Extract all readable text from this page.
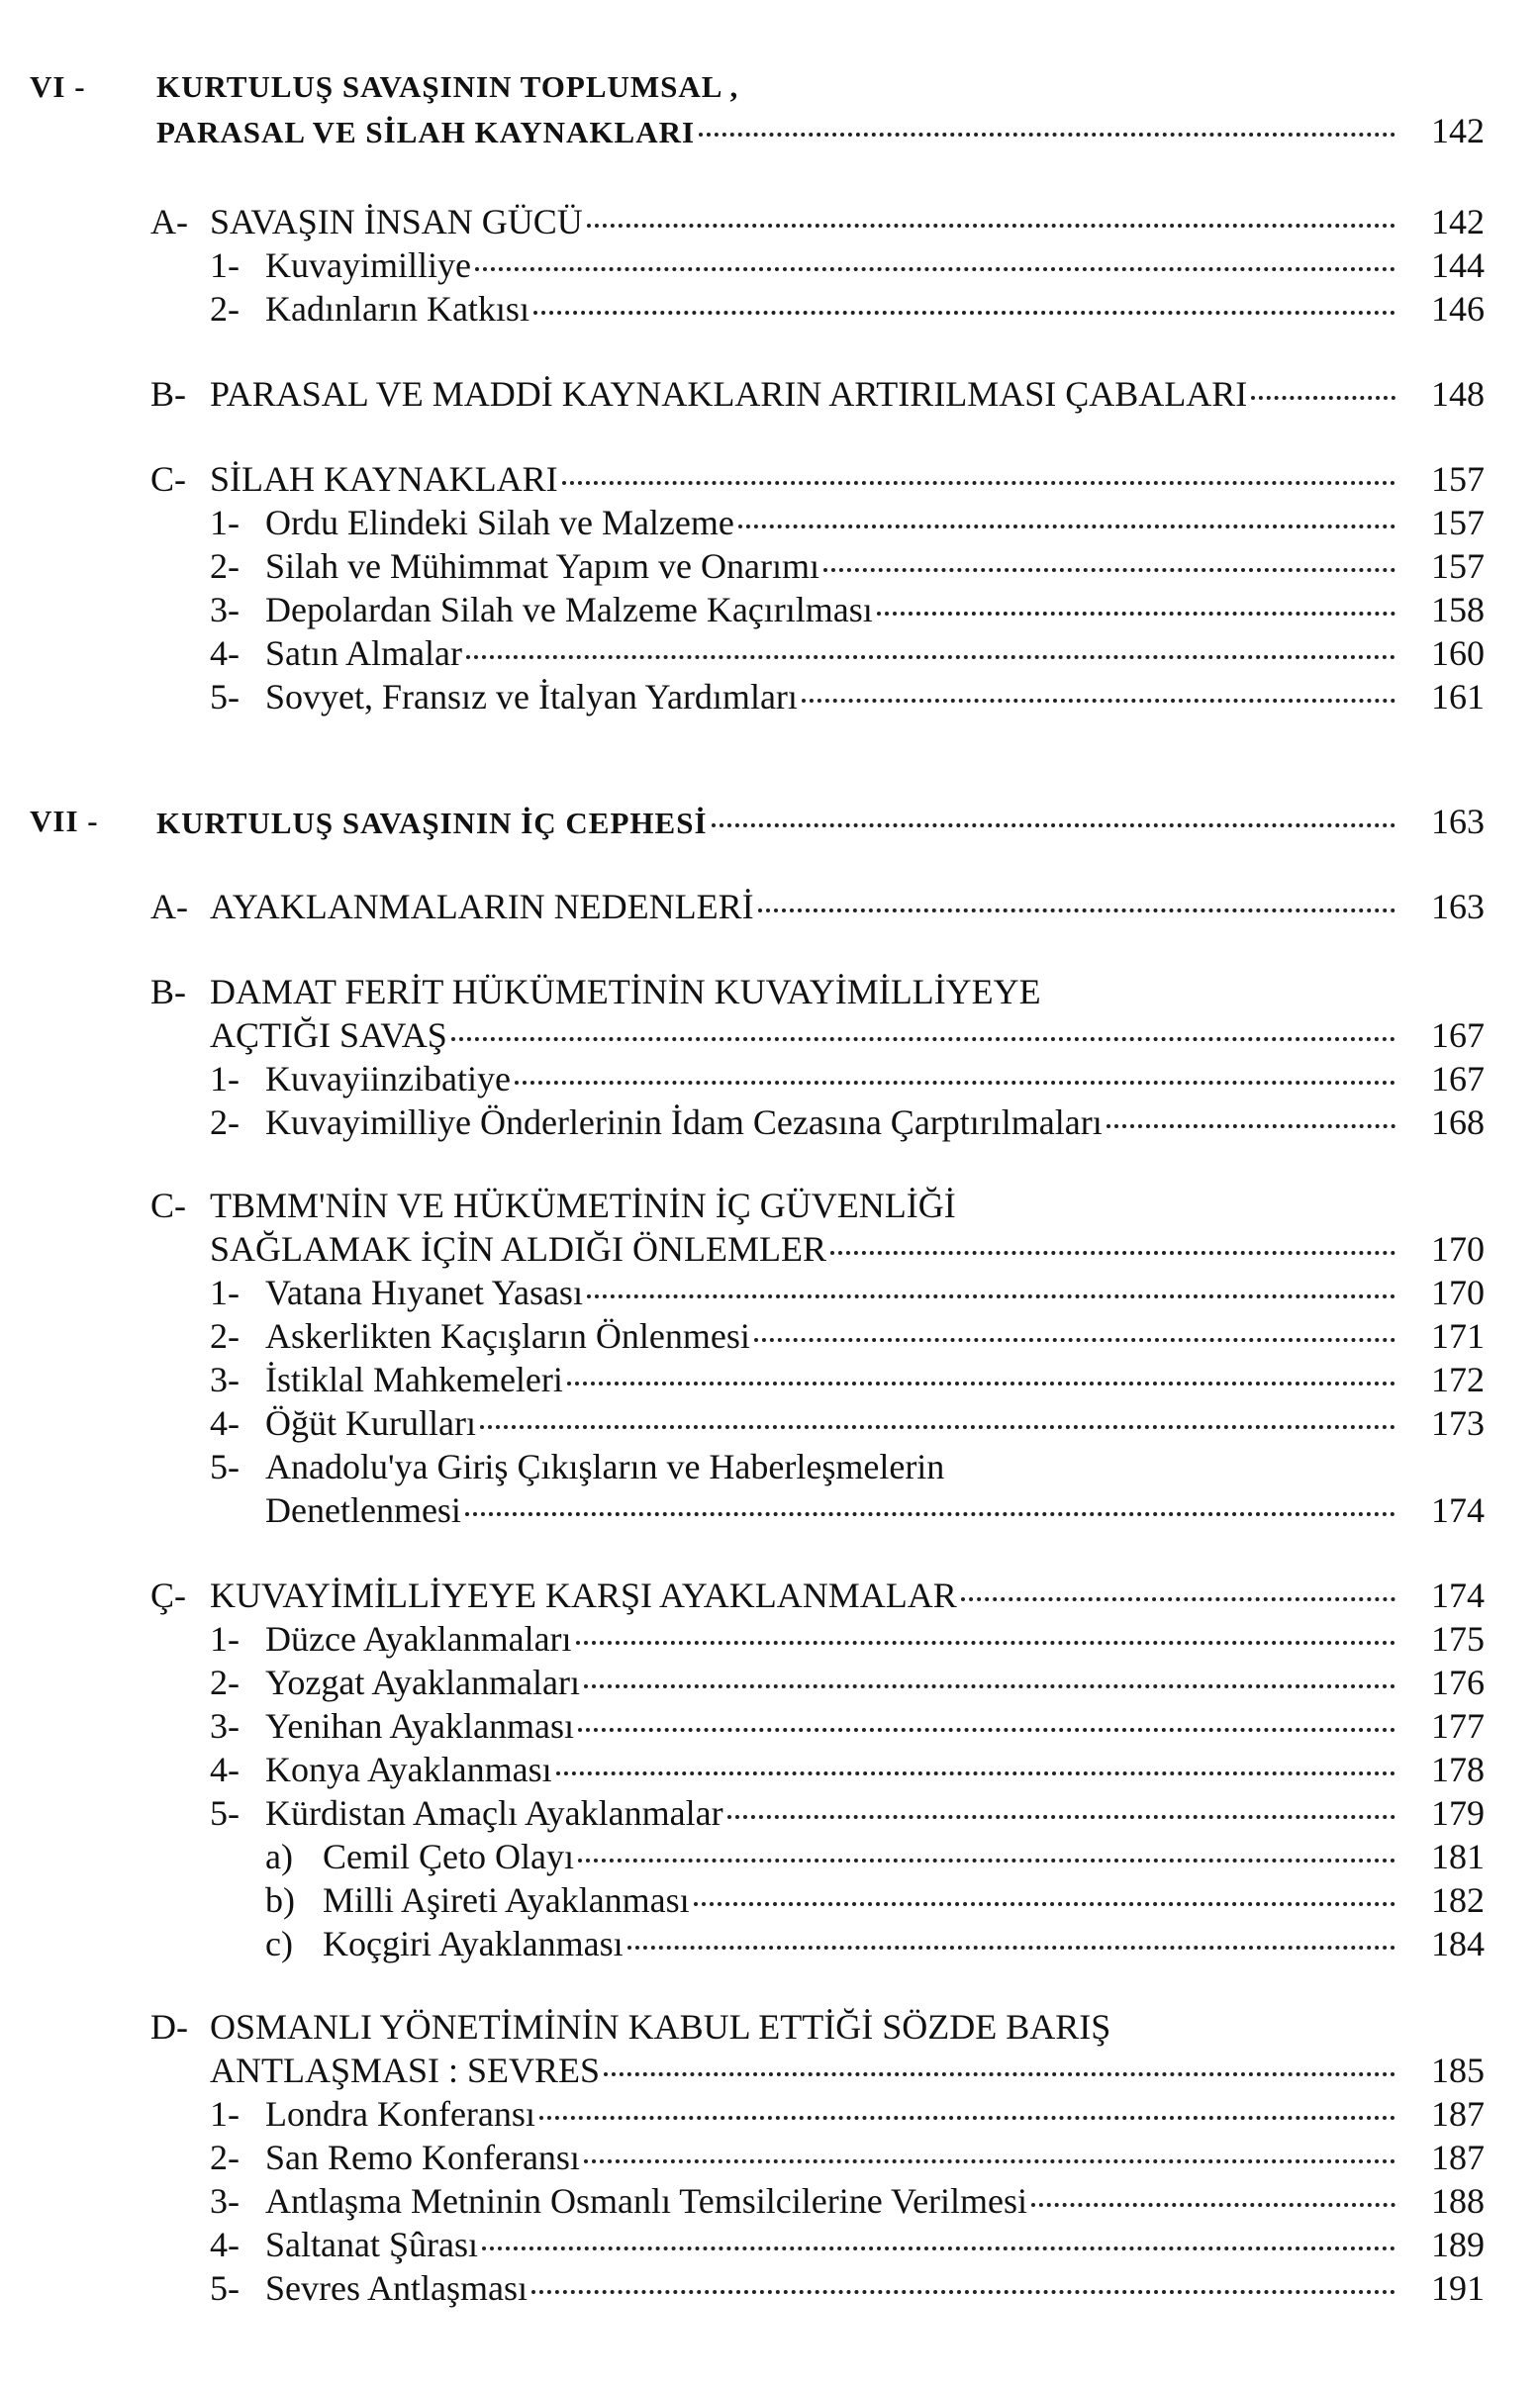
VI - KURTULUŞ SAVAŞININ TOPLUMSAL ,
PARASAL VE SİLAH KAYNAKLARI	142
A- SAVAŞIN İNSAN GÜCÜ	142
1- Kuvayimilliye	144
2- Kadınların Katkısı	146
B- PARASAL VE MADDİ KAYNAKLARIN ARTIRILMASI ÇABALARI	148
C- SİLAH KAYNAKLARI	157
1- Ordu Elindeki Silah ve Malzeme	157
2- Silah ve Mühimmat Yapım ve Onarımı	157
3- Depolardan Silah ve Malzeme Kaçırılması	158
4- Satın Almalar	160
5- Sovyet, Fransız ve İtalyan Yardımları	161
VII - KURTULUŞ SAVAŞININ İÇ CEPHESİ	163
A- AYAKLANMALARIN NEDENLERİ	163
B- DAMAT FERİT HÜKÜMETİNİN KUVAYİMİLLİYEYE
AÇTIĞI SAVAŞ	167
1- Kuvayiinzibatiye	167
2- Kuvayimilliye Önderlerinin İdam Cezasına Çarptırılmaları	168
C- TBMM'NİN VE HÜKÜMETİNİN İÇ GÜVENLİĞİ
SAĞLAMAK İÇİN ALDIĞI ÖNLEMLER	170
1- Vatana Hıyanet Yasası	170
2- Askerlikten Kaçışların Önlenmesi	171
3- İstiklal Mahkemeleri	172
4- Öğüt Kurulları	173
5- Anadolu'ya Giriş Çıkışların ve Haberleşmelerin
Denetlenmesi	174
Ç- KUVAYİMİLLİYEYE KARŞI AYAKLANMALAR	174
1- Düzce Ayaklanmaları	175
2- Yozgat Ayaklanmaları	176
3- Yenihan Ayaklanması	177
4- Konya Ayaklanması	178
5- Kürdistan Amaçlı Ayaklanmalar	179
a) Cemil Çeto Olayı	181
b) Milli Aşireti Ayaklanması	182
c) Koçgiri Ayaklanması	184
D- OSMANLI YÖNETİMİNİN KABUL ETTİĞİ SÖZDE BARIŞ
ANTLAŞMASI : SEVRES	185
1- Londra Konferansı	187
2- San Remo Konferansı	187
3- Antlaşma Metninin Osmanlı Temsilcilerine Verilmesi	188
4- Saltanat Şûrası	189
5- Sevres Antlaşması	191
